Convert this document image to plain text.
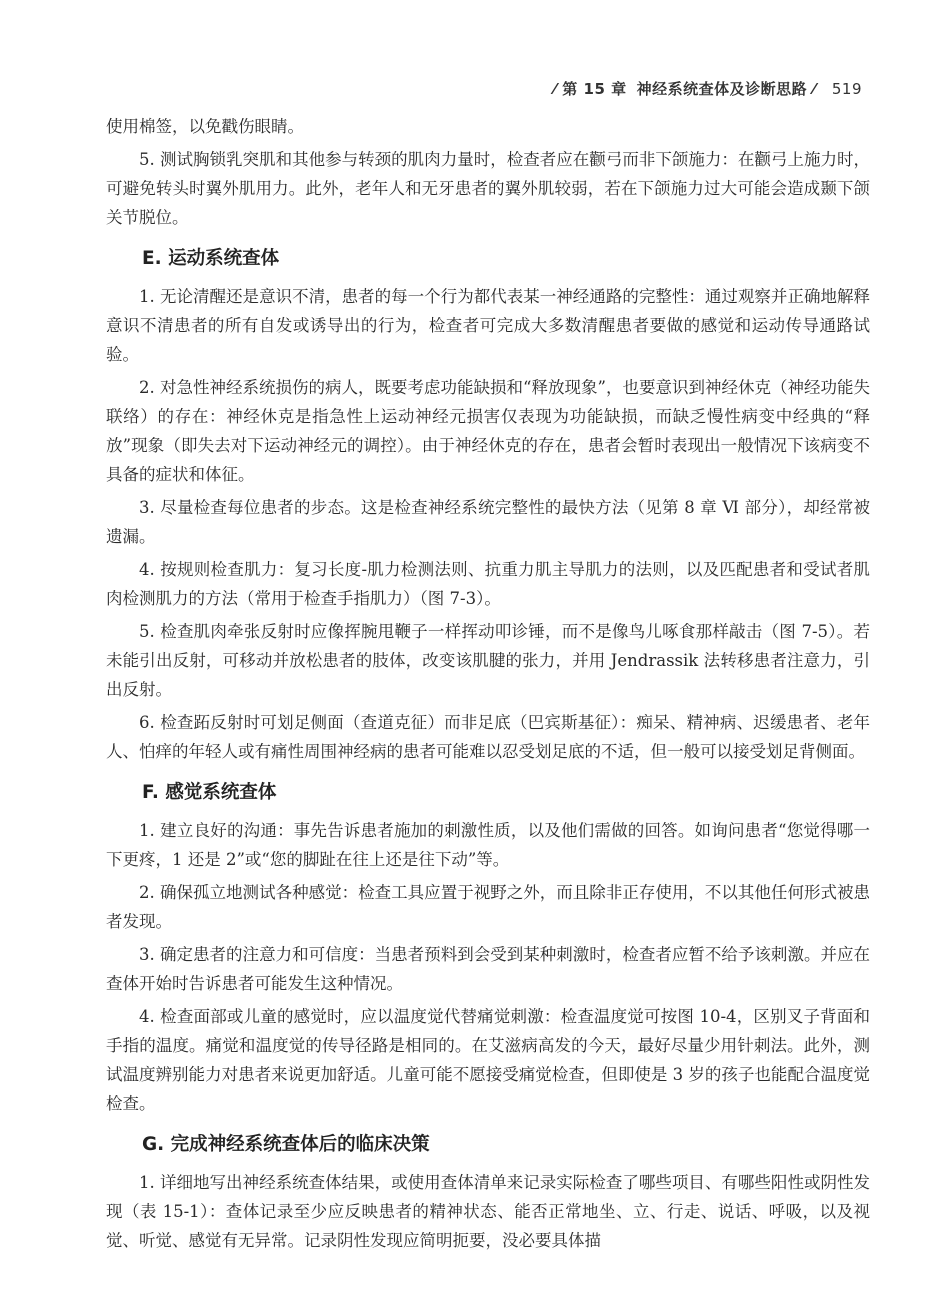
⁄ 第 15 章 神经系统查体及诊断思路 ⁄ 519

使用棉签，以免戳伤眼睛。

5. 测试胸锁乳突肌和其他参与转颈的肌肉力量时，检查者应在颧弓而非下颌施力：在颧弓上施力时，可避免转头时翼外肌用力。此外，老年人和无牙患者的翼外肌较弱，若在下颌施力过大可能会造成颞下颌关节脱位。

E. 运动系统查体

1. 无论清醒还是意识不清，患者的每一个行为都代表某一神经通路的完整性：通过观察并正确地解释意识不清患者的所有自发或诱导出的行为，检查者可完成大多数清醒患者要做的感觉和运动传导通路试验。

2. 对急性神经系统损伤的病人，既要考虑功能缺损和“释放现象”，也要意识到神经休克（神经功能失联络）的存在：神经休克是指急性上运动神经元损害仅表现为功能缺损，而缺乏慢性病变中经典的“释放”现象（即失去对下运动神经元的调控）。由于神经休克的存在，患者会暂时表现出一般情况下该病变不具备的症状和体征。

3. 尽量检查每位患者的步态。这是检查神经系统完整性的最快方法（见第 8 章 Ⅵ 部分），却经常被遗漏。

4. 按规则检查肌力：复习长度-肌力检测法则、抗重力肌主导肌力的法则，以及匹配患者和受试者肌肉检测肌力的方法（常用于检查手指肌力）（图 7-3）。

5. 检查肌肉牵张反射时应像挥腕甩鞭子一样挥动叩诊锤，而不是像鸟儿啄食那样敲击（图 7-5）。若未能引出反射，可移动并放松患者的肢体，改变该肌腱的张力，并用 Jendrassik 法转移患者注意力，引出反射。

6. 检查跖反射时可划足侧面（查道克征）而非足底（巴宾斯基征）：痴呆、精神病、迟缓患者、老年人、怕痒的年轻人或有痛性周围神经病的患者可能难以忍受划足底的不适，但一般可以接受划足背侧面。

F. 感觉系统查体

1. 建立良好的沟通：事先告诉患者施加的刺激性质，以及他们需做的回答。如询问患者“您觉得哪一下更疼，1 还是 2”或“您的脚趾在往上还是往下动”等。

2. 确保孤立地测试各种感觉：检查工具应置于视野之外，而且除非正存使用，不以其他任何形式被患者发现。

3. 确定患者的注意力和可信度：当患者预料到会受到某种刺激时，检查者应暂不给予该刺激。并应在查体开始时告诉患者可能发生这种情况。

4. 检查面部或儿童的感觉时，应以温度觉代替痛觉刺激：检查温度觉可按图 10-4，区别叉子背面和手指的温度。痛觉和温度觉的传导径路是相同的。在艾滋病高发的今天，最好尽量少用针刺法。此外，测试温度辨别能力对患者来说更加舒适。儿童可能不愿接受痛觉检查，但即使是 3 岁的孩子也能配合温度觉检查。

G. 完成神经系统查体后的临床决策

1. 详细地写出神经系统查体结果，或使用查体清单来记录实际检查了哪些项目、有哪些阳性或阴性发现（表 15-1）：查体记录至少应反映患者的精神状态、能否正常地坐、立、行走、说话、呼吸，以及视觉、听觉、感觉有无异常。记录阴性发现应简明扼要，没必要具体描
